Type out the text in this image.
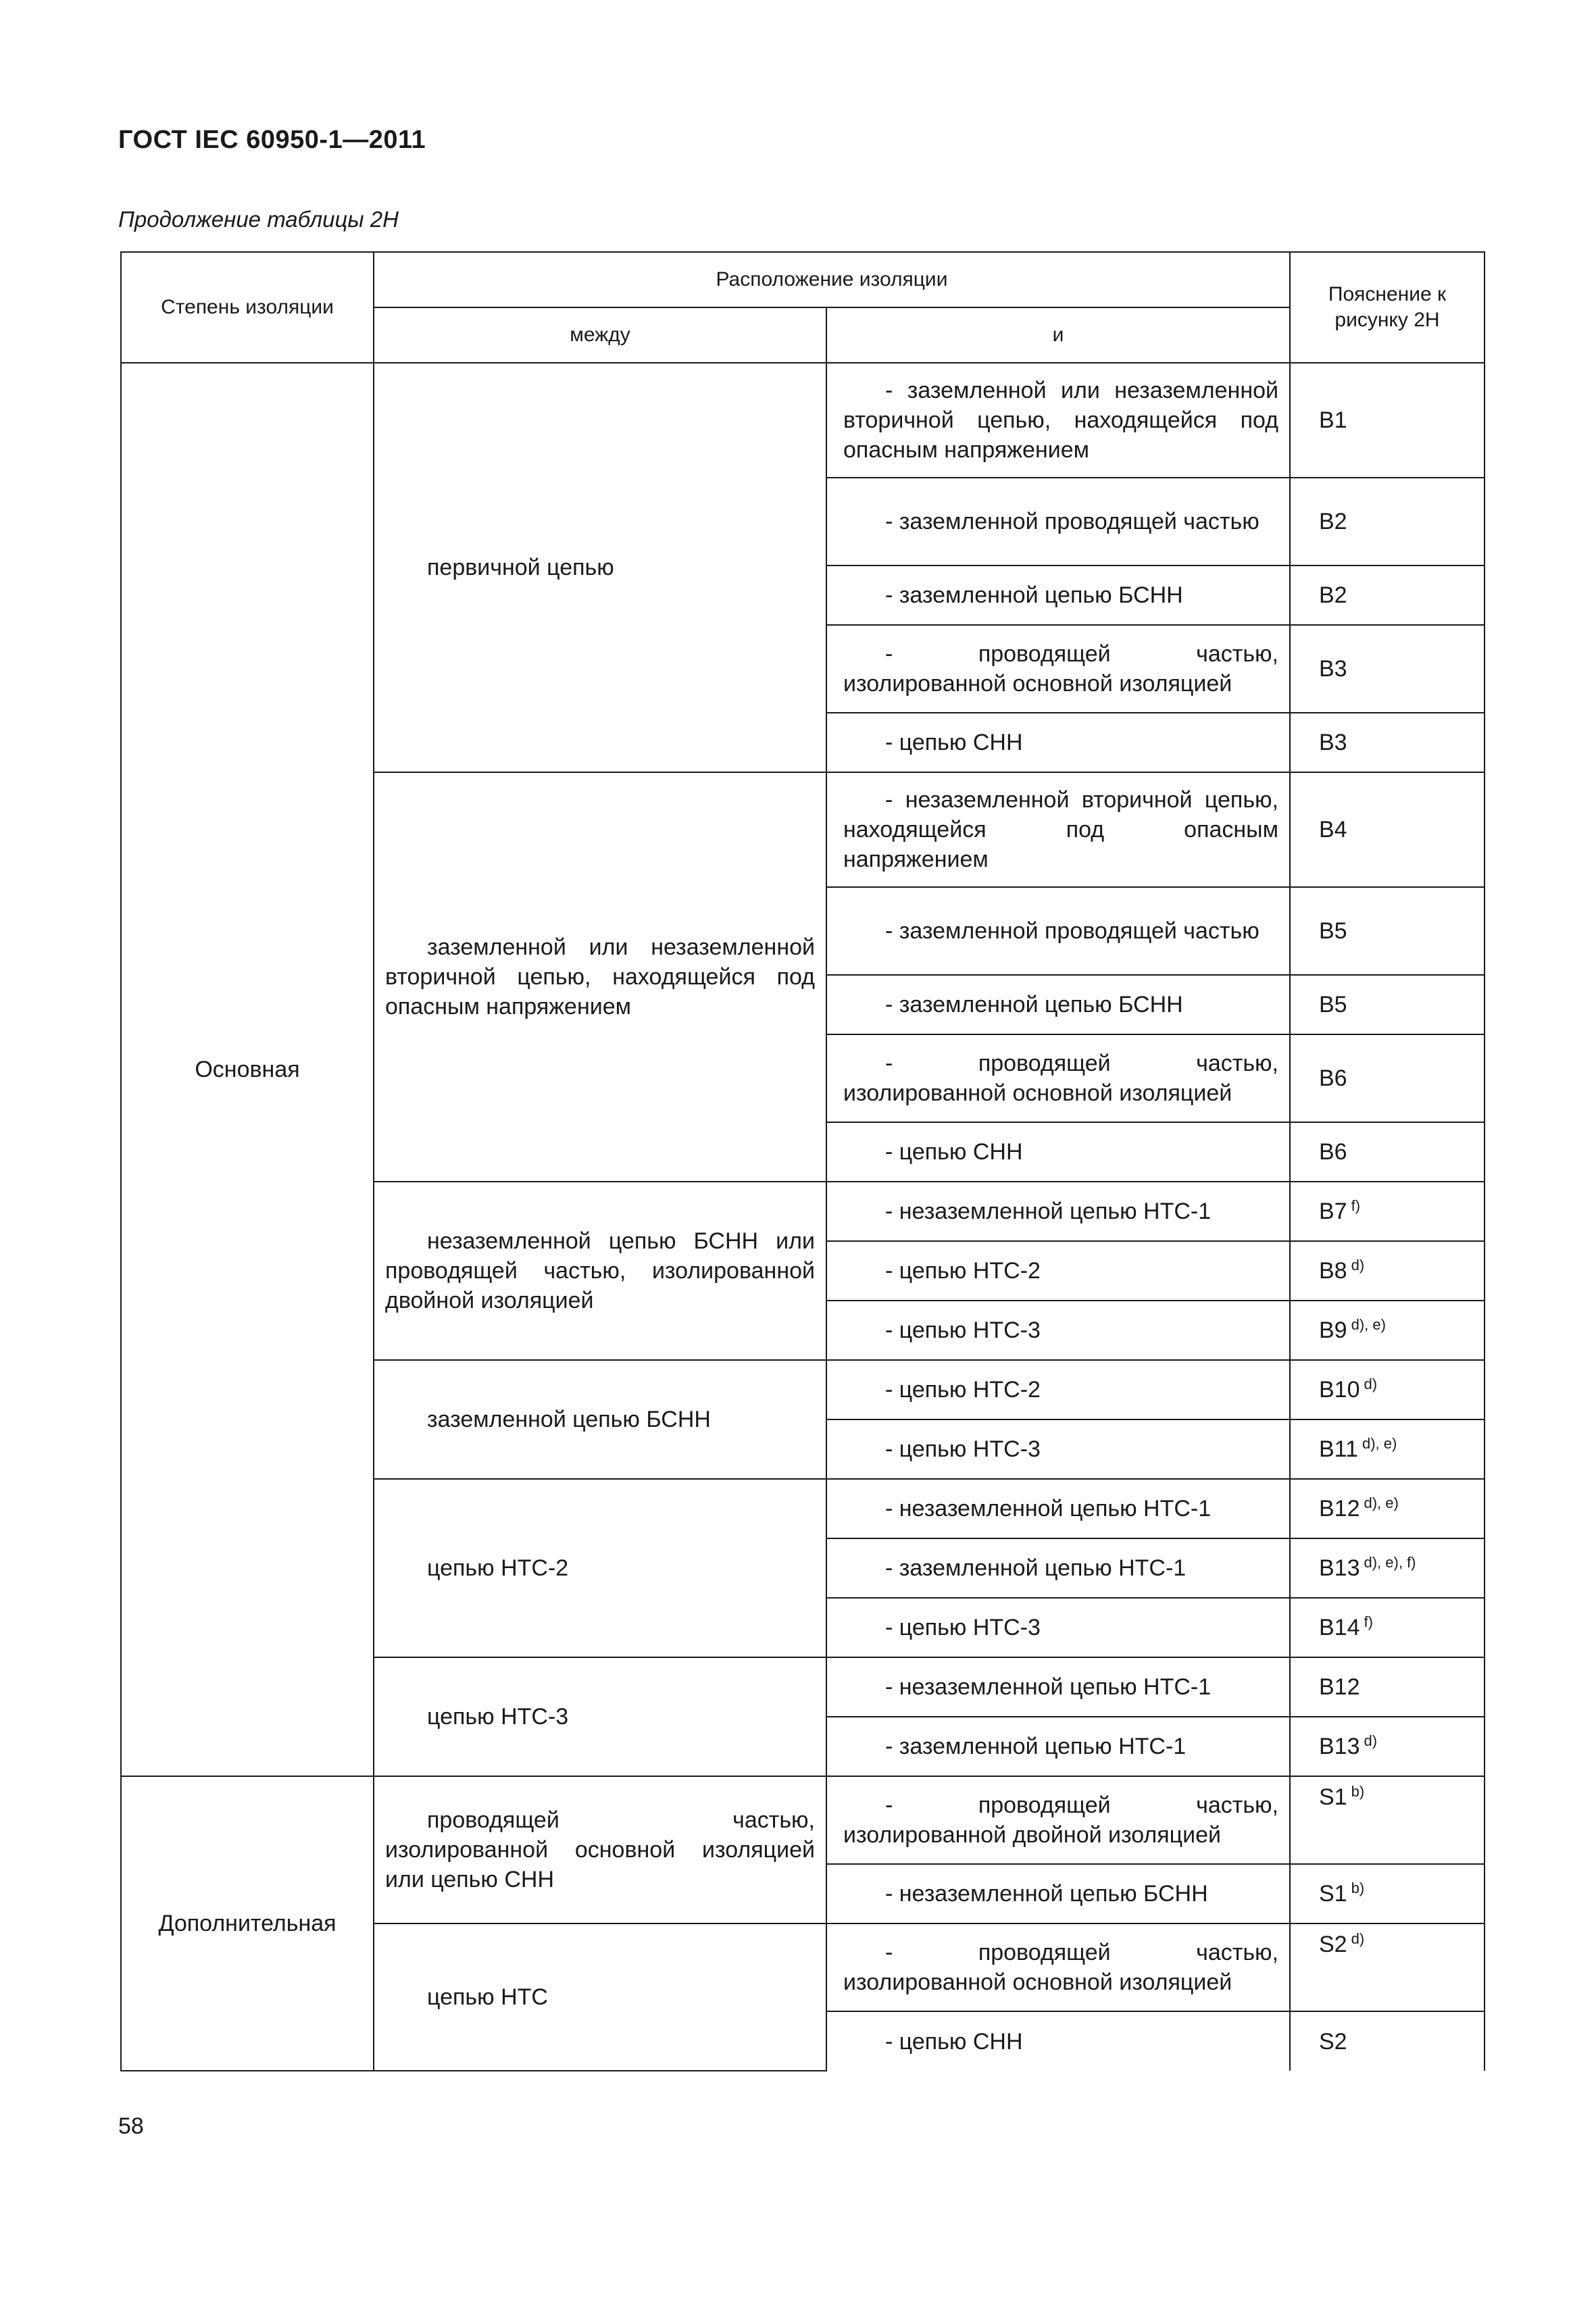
ГОСТ IEC 60950-1—2011
Продолжение таблицы 2H
Степень изоляции	Расположение изоляции		Пояснение к рисунку 2H
	между	и	
Основная	первичной цепью	- заземленной или незаземленной вторичной цепью, находящейся под опасным напряжением	B1

		- заземленной проводящей частью	B2

		- заземленной цепью БСНН	B2

		- проводящей частью, изолированной основной изоляцией	B3

		- цепью СНН	B3

	заземленной или незаземленной вторичной цепью, находящейся под опасным напряжением	- незаземленной вторичной цепью, находящейся под опасным напряжением	B4

		- заземленной проводящей частью	B5

		- заземленной цепью БСНН	B5

		- проводящей частью, изолированной основной изоляцией	B6

		- цепью СНН	B6

	незаземленной цепью БСНН или проводящей частью, изолированной двойной изоляцией	- незаземленной цепью НТС-1	B7 $^{f)}$

		- цепью НТС-2	B8 $^{d)}$

		- цепью НТС-3	B9 $^{d), e)}$

	заземленной цепью БСНН	- цепью НТС-2	B10 $^{d)}$

		- цепью НТС-3	B11 $^{d), e)}$

	цепью НТС-2	- незаземленной цепью НТС-1	B12 $^{d), e)}$

		- заземленной цепью НТС-1	B13 $^{d), e), f)}$

		- цепью НТС-3	B14 $^{f)}$

	цепью НТС-3	- незаземленной цепью НТС-1	B12

		- заземленной цепью НТС-1	B13 $^{d)}$
Дополнительная	проводящей частью, изолированной основной изоляцией или цепью СНН	- проводящей частью, изолированной двойной изоляцией	S1 $^{b)}$

		- незаземленной цепью БСНН	S1 $^{b)}$

	цепью НТС	- проводящей частью, изолированной основной изоляцией	S2 $^{d)}$

		- цепью СНН	S2
58
